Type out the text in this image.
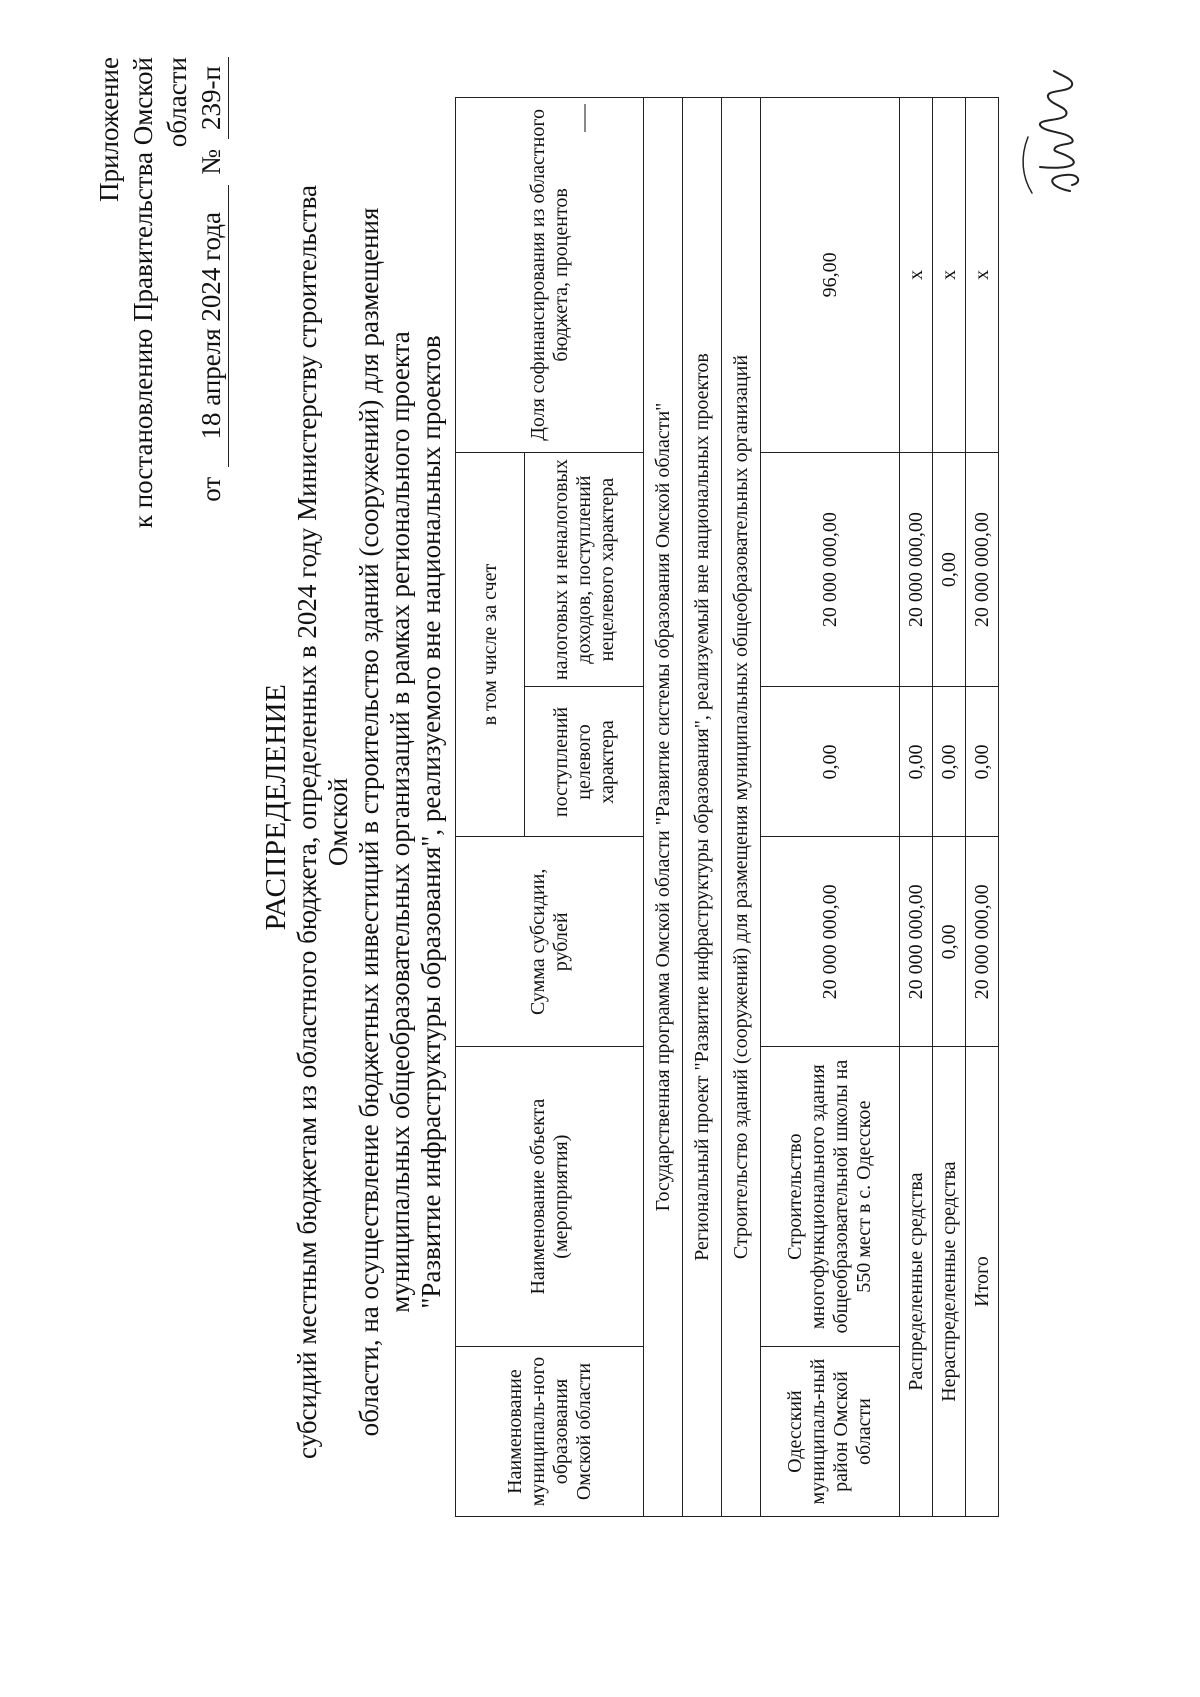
Приложение к постановлению Правительства Омской области
от
18 апреля 2024 года
№
239-п
РАСПРЕДЕЛЕНИЕ субсидий местным бюджетам из областного бюджета, определенных в 2024 году Министерству строительства Омской области, на осуществление бюджетных инвестиций в строительство зданий (сооружений) для размещения муниципальных общеобразовательных организаций в рамках регионального проекта "Развитие инфраструктуры образования", реализуемого вне национальных проектов
Наименование муниципаль-ного образования Омской области	Наименование объекта (мероприятия)	Сумма субсидии, рублей	в том числе за счет		Доля софинансирования из областного бюджета, процентов
			поступлений целевого характера	налоговых и неналоговых доходов, поступлений нецелевого характера	
Государственная программа Омской области "Развитие системы образования Омской области"					
Региональный проект "Развитие инфраструктуры образования", реализуемый вне национальных проектов					
Строительство зданий (сооружений) для размещения муниципальных общеобразовательных организаций					
Одесский муниципаль-ный район Омской области	Строительство многофункционального здания общеобразовательной школы на 550 мест в с. Одесское	20 000 000,00	0,00	20 000 000,00	96,00
Распределенные средства		20 000 000,00	0,00	20 000 000,00	x
Нераспределенные средства		0,00	0,00	0,00	x
Итого		20 000 000,00	0,00	20 000 000,00	x
